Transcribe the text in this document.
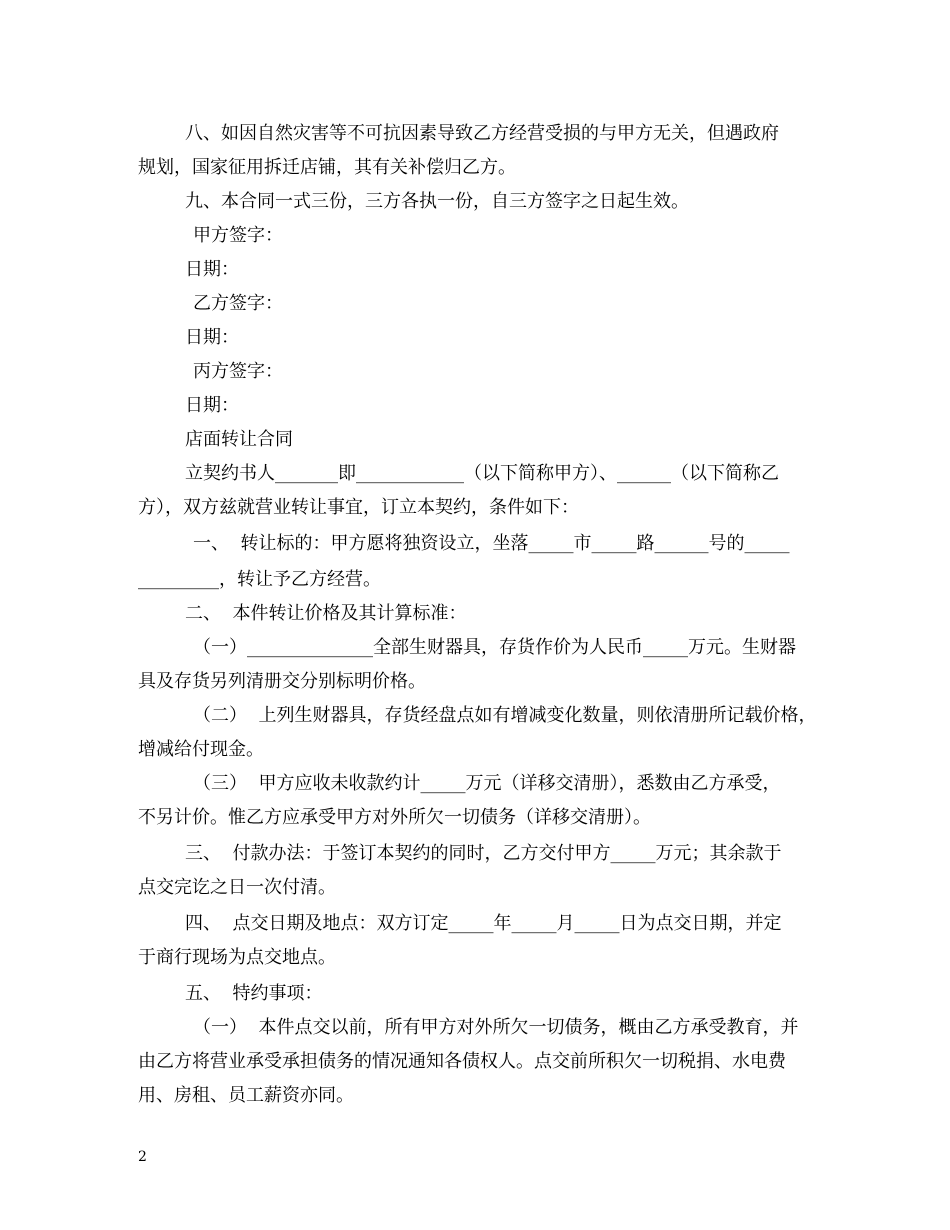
八、如因自然灾害等不可抗因素导致乙方经营受损的与甲方无关，但遇政府

规划，国家征用拆迁店铺，其有关补偿归乙方。

九、本合同一式三份，三方各执一份，自三方签字之日起生效。

甲方签字：

日期：

乙方签字：

日期：

丙方签字：

日期：

店面转让合同

立契约书人_______即____________（以下简称甲方）、______（以下简称乙

方），双方兹就营业转让事宜，订立本契约，条件如下：

一、  转让标的：甲方愿将独资设立，坐落_____市_____路______号的_____

_________，转让予乙方经营。

二、  本件转让价格及其计算标准：

（一）______________全部生财器具，存货作价为人民币_____万元。生财器

具及存货另列清册交分别标明价格。

（二）  上列生财器具，存货经盘点如有增减变化数量，则依清册所记载价格，

增减给付现金。

（三）  甲方应收未收款约计_____万元（详移交清册），悉数由乙方承受，

不另计价。惟乙方应承受甲方对外所欠一切债务（详移交清册）。

三、  付款办法：于签订本契约的同时，乙方交付甲方_____万元；其余款于

点交完讫之日一次付清。

四、  点交日期及地点：双方订定_____年_____月_____日为点交日期，并定

于商行现场为点交地点。

五、  特约事项：

（一）  本件点交以前，所有甲方对外所欠一切债务，概由乙方承受教育，并

由乙方将营业承受承担债务的情况通知各债权人。点交前所积欠一切税捐、水电费

用、房租、员工薪资亦同。

2
